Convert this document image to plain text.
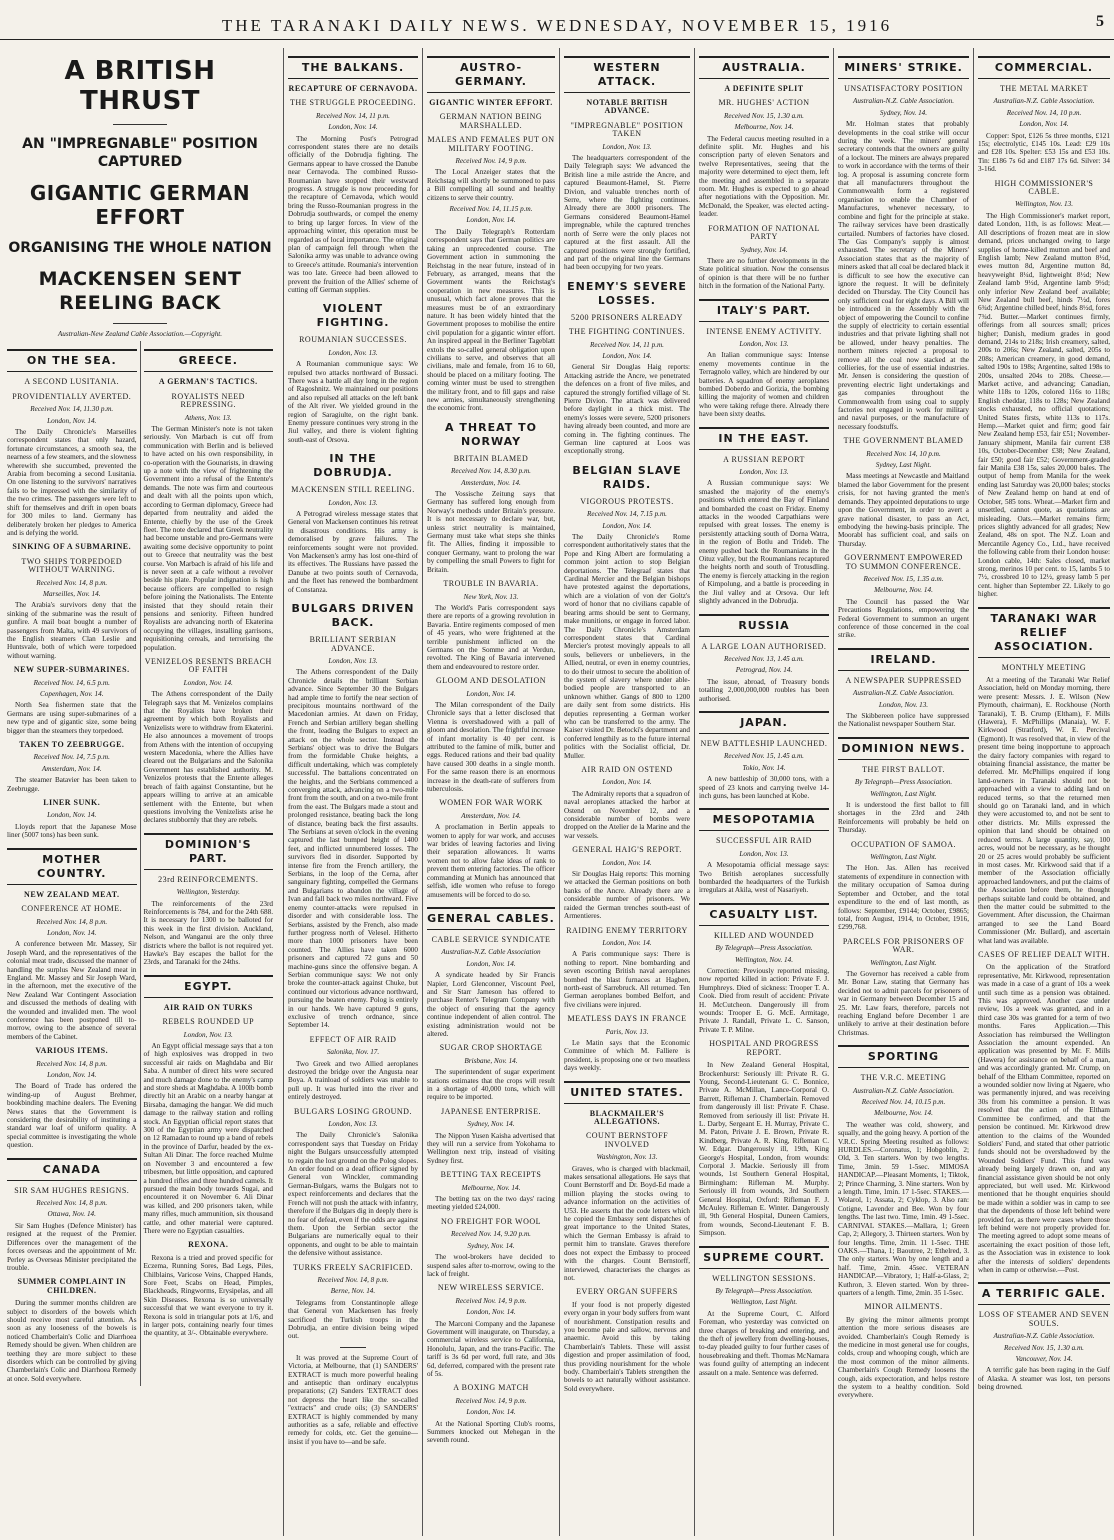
THE TARANAKI DAILY NEWS. WEDNESDAY, NOVEMBER 15, 1916	5
A BRITISH THRUST
AN "IMPREGNABLE" POSITION CAPTURED
GIGANTIC GERMAN EFFORT
ORGANISING THE WHOLE NATION
MACKENSEN SENT REELING BACK
Australian-New Zealand Cable Association.—Copyright.
ON THE SEA.
A SECOND LUSITANIA.
PROVIDENTIALLY AVERTED.
Received Nov. 14, 11.30 p.m.
London, Nov. 14.

The Daily Chronicle's Marseilles correspondent states that only hazard, fortunate circumstances, a smooth sea, the nearness of a few steamers, and the slowness wherewith she succumbed, prevented the Arabia from becoming a second Lusitania. On one listening to the survivors' narratives fails to be impressed with the similarity of the two crimes. The passengers were left to shift for themselves and drift in open boats for 300 miles to land. Germany has deliberately broken her pledges to America and is defying the world.

SINKING OF A SUBMARINE.
TWO SHIPS TORPEDOED WITHOUT WARNING.
Received Nov. 14, 8 p.m.
Marseilles, Nov. 14.

The Arabia's survivors deny that the sinking of the submarine was the result of gunfire. A mail boat bought a number of passengers from Malta, with 49 survivors of the English steamers Clan Leslie and Huntsvale, both of which were torpedoed without warning.

NEW SUPER-SUBMARINES.
Received Nov. 14, 6.5 p.m.
Copenhagen, Nov. 14.

North Sea fishermen state that the Germans are using super-submarines of a new type and of gigantic size, some being bigger than the steamers they torpedoed.

TAKEN TO ZEEBRUGGE.
Received Nov. 14, 7.5 p.m.
Amsterdam, Nov. 14.

The steamer Batavier has been taken to Zeebrugge.

LINER SUNK.
London, Nov. 14.

Lloyds report that the Japanese Mose liner (5007 tons) has been sunk.

MOTHER COUNTRY.
NEW ZEALAND MEAT.
CONFERENCE AT HOME.
Received Nov. 14, 8 p.m.
London, Nov. 14.

A conference between Mr. Massey, Sir Joseph Ward, and the representatives of the colonial meat trade, discussed the manner of handling the surplus New Zealand meat in England. Mr. Massey and Sir Joseph Ward, in the afternoon, met the executive of the New Zealand War Contingent Association and discussed the methods of dealing with the wounded and invalided men. The wool conference has been postponed till to-morrow, owing to the absence of several members of the Cabinet.

VARIOUS ITEMS.
Received Nov. 14, 8 p.m.
London, Nov. 14.

The Board of Trade has ordered the winding-up of August Brehmer, bookbinding machine dealers. The Evening News states that the Government is considering the desirability of instituting a standard war loaf of uniform quality. A special committee is investigating the whole question.

CANADA
SIR SAM HUGHES RESIGNS.
Received Nov. 14, 8 p.m.
Ottawa, Nov. 14.

Sir Sam Hughes (Defence Minister) has resigned at the request of the Premier. Differences over the management of the forces overseas and the appointment of Mr. Perley as Overseas Minister precipitated the trouble.

SUMMER COMPLAINT IN CHILDREN.

During the summer months children are subject to disorders of the bowels which should receive most careful attention. As soon as any looseness of the bowels is noticed Chamberlain's Colic and Diarrhoea Remedy should be given. When children are teething they are more subject to these disorders which can be controlled by giving Chamberlain's Colic and Diarrhoea Remedy at once. Sold everywhere.

GREECE.
A GERMAN'S TACTICS.
ROYALISTS NEED REPRESSING.
Athens, Nov. 13.

The German Minister's note is not taken seriously. Von Marbach is cut off from communication with Berlin and is believed to have acted on his own responsibility, in co-operation with the Gounarists, in drawing up a note with the view of frightening the Government into a refusal of the Entente's demands. The note was firm and courteous and dealt with all the points upon which, according to German diplomacy, Greece had departed from neutrality and aided the Entente, chiefly by the use of the Greek fleet. The note declared that Greek neutrality had become unstable and pro-Germans were awaiting some decisive opportunity to point out to Greece that neutrality was the best course. Von Marbach is afraid of his life and is never seen at a cafe without a revolver beside his plate. Popular indignation is high because officers are compelled to resign before joining the Nationalists. The Entente insisted that they should retain their pensions and seniority. Fifteen hundred Royalists are advancing north of Ekaterina occupying the villages, installing garrisons, requisitioning cereals, and terrorising the population.

VENIZELOS RESENTS BREACH OF FAITH
London, Nov. 14.

The Athens correspondent of the Daily Telegraph says that M. Venizelos complains that the Royalists have broken their agreement by which both Royalists and Venizelists were to withdraw from Ekaterini. He also announces a movement of troops from Athens with the intention of occupying western Macedonia, where the Allies have cleared out the Bulgarians and the Salonika Government has established authority. M. Venizelos protests that the Entente alleges breach of faith against Constantine, but he appears willing to arrive at an amicable settlement with the Entente, but when questions involving the Venizelists arise he declares stubbornly that they are rebels.

DOMINION'S PART.
23rd REINFORCEMENTS.
Wellington, Yesterday.

The reinforcements of the 23rd Reinforcements is 784, and for the 24th 688. It is necessary for 1300 to be balloted for this week in the first division. Auckland, Nelson, and Wanganui are the only three districts where the ballot is not required yet. Hawke's Bay escapes the ballot for the 23rds, and Taranaki for the 24ths.

EGYPT.
AIR RAID ON TURKS
REBELS ROUNDED UP
London, Nov. 13.

An Egypt official message says that a ton of high explosives was dropped in two successful air raids on Maghdaba and Bir Saba. A number of direct hits were secured and much damage done to the enemy's camp and store sheds at Maghdaba. A 100lb bomb directly hit an Arabic on a nearby hangar at Birsaba, damaging the hangar. We did much damage to the railway station and rolling stock. An Egyptian official report states that 300 of the Egyptian army were dispatched on 12 Ramadan to round up a band of rebels in the province of Darfur, headed by the ex-Sultan Ali Dinar. The force reached Mulme on November 3 and encountered a few tribesmen, but little opposition, and captured a hundred rifles and three hundred camels. It pursued the main body towards Sugai, and encountered it on November 6. Ali Dinar was killed, and 200 prisoners taken, while many rifles, much ammunition, six thousand cattle, and other material were captured. There were no Egyptian casualties.

REXONA.

Rexona is a tried and proved specific for Eczema, Running Sores, Bad Legs, Piles, Chilblains, Varicose Veins, Chapped Hands, Sore Feet, Scabs on Head, Pimples, Blackheads, Ringworms, Erysipelas, and all Skin Diseases. Rexona is so universally successful that we want everyone to try it. Rexona is sold in triangular pots at 1/6, and in larger pots, containing nearly four times the quantity, at 3/-. Obtainable everywhere.

THE BALKANS.
RECAPTURE OF CERNAVODA.
THE STRUGGLE PROCEEDING.
Received Nov. 14, 11 p.m.
London, Nov. 14.

The Morning Post's Petrograd correspondent states there are no details officially of the Dobrudja fighting. The Germans appear to have crossed the Danube near Cernavoda. The combined Russo-Roumanian have stopped their westward progress. A struggle is now proceeding for the recapture of Cernavoda, which would bring the Russo-Roumanian progress in the Dobrudja southwards, or compel the enemy to bring up larger forces. In view of the approaching winter, this operation must be regarded as of local importance. The original plan of campaign fell through when the Salonika army was unable to advance owing to Greece's attitude. Roumania's intervention was too late. Greece had been allowed to prevent the fruition of the Allies' scheme of cutting off German supplies.

VIOLENT FIGHTING.
ROUMANIAN SUCCESSES.
London, Nov. 13.

A Roumanian communique says: We repulsed two attacks northward of Bussaci. There was a battle all day long in the region of Ragoshnitz. We maintained our positions and also repulsed all attacks on the left bank of the Alt river. We yielded ground in the region of Saragiulte, on the right bank. Enemy pressure continues very strong in the Jiul valley, and there is violent fighting south-east of Orsova.

IN THE DOBRUDJA.
MACKENSEN STILL REELING.
London, Nov. 13.

A Petrograd wireless message states that General von Mackensen continues his retreat in disastrous conditions. His army is demoralised by grave failures. The reinforcements sought were not provided. Von Mackensen's army has lost one-third of its effectives. The Russians have passed the Danube at two points south of Cernavoda, and the fleet has renewed the bombardment of Constanza.

BULGARS DRIVEN BACK.
BRILLIANT SERBIAN ADVANCE.
London, Nov. 13.

The Athens correspondent of the Daily Chronicle details the brilliant Serbian advance. Since September 30 the Bulgars had ample time to fortify the near section of precipitous mountains northward of the Macedonian armies. At dawn on Friday, French and Serbian artillery began shelling the front, leading the Bulgars to expect an attack on the whole sector. Instead the Serbians' object was to drive the Bulgars from the formidable Chuke heights, a difficult undertaking, which was completely successful. The battalions concentrated on the heights, and the Serbians commenced a converging attack, advancing on a two-mile front from the south, and on a two-mile front from the east. The Bulgars made a stout and prolonged resistance, beating back the long of distance, beating back the first assaults. The Serbians at seven o'clock in the evening captured the last bumped height of 1400 feet, and inflicted unnumbered losses. The survivors fled in disorder. Supported by intense fire from the French artillery, the Serbians, in the loop of the Cerna, after sanguinary fighting, compelled the Germans and Bulgarians to abandon the village of Ivan and fall back two miles northward. Five enemy counter-attacks were repulsed in disorder and with considerable loss. The Serbians, assisted by the French, also made further progress north of Velesel. Hitherto more than 1000 prisoners have been counted. The Allies have taken 6000 prisoners and captured 72 guns and 50 machine-guns since the offensive began. A Serbian communique says: We not only broke the counter-attack against Chuke, but continued our victorious advance northward, pursuing the beaten enemy. Polog is entirely in our hands. We have captured 9 guns, exclusive of trench ordnance, since September 14.

EFFECT OF AIR RAID
Salonika, Nov. 17.

Two Greek and two Allied aeroplanes destroyed the bridge over the Angusta near Boya. A trainload of soldiers was unable to pull up. It was hurled into the river and entirely destroyed.

BULGARS LOSING GROUND.
London, Nov. 13.

The Daily Chronicle's Salonika correspondent says that Tuesday on Friday night the Bulgars unsuccessfully attempted to regain the lost ground on the Polog slopes. An order found on a dead officer signed by General von Winckler, commanding German-Bulgars, warns the Bulgars not to expect reinforcements and declares that the French will not push the attack with infantry, therefore if the Bulgars dig in deeply there is no fear of defeat, even if the odds are against them. Upon the Serbian sector the Bulgarians are numerically equal to their opponents, and ought to be able to maintain the defensive without assistance.

TURKS FREELY SACRIFICED.
Received Nov. 14, 8 p.m.
Berne, Nov. 14.

Telegrams from Constantinople allege that General von Mackensen has freely sacrificed the Turkish troops in the Dobrudja, an entire division being wiped out.

It was proved at the Supreme Court of Victoria, at Melbourne, that (1) SANDERS' EXTRACT is much more powerful healing and antiseptic than ordinary eucalyptus preparations; (2) Sanders 'EXTRACT does not depress the heart like the so-called "extracts" and crude oils; (3) SANDERS' EXTRACT is highly commended by many authorities as a safe, reliable and effective remedy for colds, etc. Get the genuine—insist if you have to—and be safe.

AUSTRO-GERMANY.
GIGANTIC WINTER EFFORT.
GERMAN NATION BEING MARSHALLED.
MALES AND FEMALES PUT ON MILITARY FOOTING.
Received Nov. 14, 9 p.m.

The Local Anzeiger states that the Reichstag will shortly be summoned to pass a Bill compelling all sound and healthy citizens to serve their country.

Received Nov. 14, 11.15 p.m.
London, Nov. 14.

The Daily Telegraph's Rotterdam correspondent says that German politics are taking an unprecedented course. The Government action in summoning the Reichstag in the near future, instead of in February, as arranged, means that the Government wants the Reichstag's cooperation in new measures. This is unusual, which fact alone proves that the measures must be of an extraordinary nature. It has been widely hinted that the Government proposes to mobilise the entire civil population for a gigantic winter effort. An inspired appeal in the Berliner Tageblatt extols the so-called general obligation upon civilians to serve, and observes that all civilians, male and female, from 16 to 60, should be placed on a military footing. The coming winter must be used to strengthen the military front, and to fill gaps and raise new armies, simultaneously strengthening the economic front.

A THREAT TO NORWAY
BRITAIN BLAMED
Received Nov. 14, 8.30 p.m.
Amsterdam, Nov. 14.

The Vossische Zeitung says that Germany has suffered long enough from Norway's methods under Britain's pressure. It is not necessary to declare war, but, unless strict neutrality is maintained, Germany must take what steps she thinks fit. The Allies, finding it impossible to conquer Germany, want to prolong the war by compelling the small Powers to fight for Britain.

TROUBLE IN BAVARIA.
New York, Nov. 13.

The World's Paris correspondent says there are reports of a growing revolution in Bavaria. Entire regiments composed of men of 45 years, who were frightened at the terrible punishment inflicted on the Germans on the Somme and at Verdun, revolted. The King of Bavaria intervened them and endeavoured to restore order.

GLOOM AND DESOLATION
London, Nov. 14.

The Milan correspondent of the Daily Chronicle says that a letter disclosed that Vienna is overshadowed with a pall of gloom and desolation. The frightful increase of infant mortality is 40 per cent. is attributed to the famine of milk, butter and eggs. Reduced rations and their bad quality have caused 300 deaths in a single month. For the same reason there is an enormous increase in the death-rate of sufferers from tuberculosis.

WOMEN FOR WAR WORK
Amsterdam, Nov. 14.

A proclamation in Berlin appeals to women to apply for war work, and accuses war brides of leaving factories and living their separation allowances. It warns women not to allow false ideas of rank to prevent them entering factories. The officer commanding at Munich has announced that selfish, idle women who refuse to forego amusements will be forced to do so.

GENERAL CABLES.
CABLE SERVICE SYNDICATE
Australian-N.Z. Cable Association
London, Nov. 14.

A syndicate headed by Sir Francis Napier, Lord Glenconner, Viscount Peel, and Sir Starr Jameson has offered to purchase Renter's Telegram Company with the object of ensuring that the agency continue independent of alien control. The existing administration would not be altered.

SUGAR CROP SHORTAGE
Brisbane, Nov. 14.

The superintendent of sugar experiment stations estimates that the crops will result in a shortage of 40,000 tons, which will require to be imported.

JAPANESE ENTERPRISE.
Sydney, Nov. 14.

The Nippon Yusen Kaisha advertised that they will run a service from Yokohama to Wellington next trip, instead of visiting Sydney first.

BETTING TAX RECEIPTS
Melbourne, Nov. 14.

The betting tax on the two days' racing meeting yielded £24,000.

NO FREIGHT FOR WOOL
Received Nov. 14, 9.20 p.m.
Sydney, Nov. 14.

The wool-brokers have decided to suspend sales after to-morrow, owing to the lack of freight.

NEW WIRELESS SERVICE.
Received Nov. 14, 9 p.m.
London, Nov. 14.

The Marconi Company and the Japanese Government will inaugurate, on Thursday, a commercial wireless service to California, Honolulu, Japan, and the trans-Pacific. The tariff is 3s 6d per word, full rate, and 30s 6d, deferred, compared with the present rate of 5s.

A BOXING MATCH
Received Nov. 14, 9 p.m.
London, Nov. 14.

At the National Sporting Club's rooms, Summers knocked out Mehegan in the seventh round.

WESTERN ATTACK.
NOTABLE BRITISH ADVANCE.
"IMPREGNABLE" POSITION TAKEN
London, Nov. 13.

The headquarters correspondent of the Daily Telegraph says: We advanced the British line a mile astride the Ancre, and captured Beaumont-Hamel, St. Pierre Divion, and valuable trenches north of Serre, where the fighting continues. Already there are 3000 prisoners. The Germans considered Beaumont-Hamel impregnable, while the captured trenches north of Serre were the only places not captured at the first assault. All the captured positions were strongly fortified, and part of the original line the Germans had been occupying for two years.

ENEMY'S SEVERE LOSSES.
5200 PRISONERS ALREADY
THE FIGHTING CONTINUES.
Received Nov. 14, 11 p.m.
London, Nov. 14.

General Sir Douglas Haig reports: Attacking astride the Ancre, we penetrated the defences on a front of five miles, and captured the strongly fortified village of St. Pierre Divion. The attack was delivered before daylight in a thick mist. The enemy's losses were severe, 5200 prisoners having already been counted, and more are coming in. The fighting continues. The German line captured at Loos was exceptionally strong.

BELGIAN SLAVE RAIDS.
VIGOROUS PROTESTS.
Received Nov. 14, 7.15 p.m.
London, Nov. 14.

The Daily Chronicle's Rome correspondent authoritatively states that the Pope and King Albert are formulating a common joint action to stop Belgian deportations. The Telegraaf states that Cardinal Mercier and the Belgian bishops have protested against the deportations, which are a violation of von der Goltz's word of honor that no civilians capable of bearing arms should be sent to Germany, make munitions, or engage in forced labor. The Daily Chronicle's Amsterdam correspondent states that Cardinal Mercier's protest movingly appeals to all souls, believers or unbelievers, in the Allied, neutral, or even in enemy countries, to do their utmost to secure the abolition of the system of slavery where under able-bodied people are transported to an unknown whither. Gangs of 800 to 1200 are daily sent from some districts. His deputies representing a German worker who can be transferred to the army. The Kaiser visited Dr. Betocki's department and conferred lengthily as to the future internal politics with the Socialist official, Dr. Muller.

AIR RAID ON OSTEND
London, Nov. 14.

The Admiralty reports that a squadron of naval aeroplanes attacked the harbor at Ostend on November 12, and a considerable number of bombs were dropped on the Atelier de la Marine and the war vessels.

GENERAL HAIG'S REPORT.
London, Nov. 14.

Sir Douglas Haig reports: This morning we attacked the German positions on both banks of the Ancre. Already there are a considerable number of prisoners. We raided the German trenches south-east of Armentieres.

RAIDING ENEMY TERRITORY
London, Nov. 14.

A Paris communique says: There is nothing to report. Nine bombarding and seven escorting British naval aeroplanes bombed the blast furnaces at Hagben, north-east of Sarrebruck. All returned. Ten German aeroplanes bombed Belfort, and five civilians were injured.

MEATLESS DAYS IN FRANCE
Paris, Nov. 13.

Le Matin says that the Economic Committee of which M. Falliere is president, is proposing one or two meatless days weekly.

UNITED STATES.
BLACKMAILER'S ALLEGATIONS.
COUNT BERNSTOFF INVOLVED
Washington, Nov. 13.

Graves, who is charged with blackmail, makes sensational allegations. He says that Count Bernstorff and Dr. Boyd-Ed made a million playing the stocks owing to advance information on the activities of U53. He asserts that the code letters which he copied the Embassy sent dispatches of great importance to the United States, which the German Embassy is afraid to permit him to translate. Graves therefore does not expect the Embassy to proceed with the charges. Count Bernstorff, interviewed, characterises the charges as not.

EVERY ORGAN SUFFERS

If your food is not properly digested every organ in your body suffers from want of nourishment. Constipation results and you become pale and sallow, nervous and anaemic. Avoid this by taking Chamberlain's Tablets. These will assist digestion and proper assimilation of food, thus providing nourishment for the whole body. Chamberlain's Tablets strengthen the bowels to act naturally without assistance. Sold everywhere.

AUSTRALIA.
A DEFINITE SPLIT
MR. HUGHES' ACTION
Received Nov. 15, 1.30 a.m.
Melbourne, Nov. 14.

The Federal caucus meeting resulted in a definite split. Mr. Hughes and his conscription party of eleven Senators and twelve Representatives, seeing that the majority were determined to eject them, left the meeting and assembled in a separate room. Mr. Hughes is expected to go ahead after negotiations with the Opposition. Mr. McDonald, the Speaker, was elected acting-leader.

FORMATION OF NATIONAL PARTY
Sydney, Nov. 14.

There are no further developments in the State political situation. Now the consensus of opinion is that there will be no further hitch in the formation of the National Party.

ITALY'S PART.
INTENSE ENEMY ACTIVITY.
London, Nov. 13.

An Italian communique says: Intense enemy movements continue in the Terragnolo valley, which are hindered by our batteries. A squadron of enemy aeroplanes bombed Doberdo and Gorizia, the bombing killing the majority of women and children who were taking refuge there. Already there have been sixty deaths.

IN THE EAST.
A RUSSIAN REPORT
London, Nov. 13.

A Russian communique says: We smashed the majority of the enemy's positions which entered the Bay of Finland and bombarded the coast on Friday. Enemy attacks in the wooded Carpathians were repulsed with great losses. The enemy is persistently attacking south of Dorna Watra, in the region of Botlu and Trideb. The enemy pushed back the Roumanians in the Oituz valley, but the Roumanians recaptured the heights north and south of Trotusdling. The enemy is fiercely attacking in the region of Kimpolung, and a battle is proceeding in the Jiul valley and at Orsova. Our left slightly advanced in the Dobrudja.

RUSSIA
A LARGE LOAN AUTHORISED.
Received Nov. 13, 1.45 a.m.
Petrograd, Nov. 14.

The issue, abroad, of Treasury bonds totalling 2,000,000,000 roubles has been authorised.

JAPAN.
NEW BATTLESHIP LAUNCHED.
Received Nov. 15, 1.45 a.m.
Tokio, Nov. 14.

A new battleship of 30,000 tons, with a speed of 23 knots and carrying twelve 14-inch guns, has been launched at Kobe.

MESOPOTAMIA
SUCCESSFUL AIR RAID
London, Nov. 13.

A Mesopotamia official message says: Two British aeroplanes successfully bombarded the headquarters of the Turkish irregulars at Akila, west of Nasariyeh.

CASUALTY LIST.
KILLED AND WOUNDED
By Telegraph—Press Association.
Wellington, Nov. 14.

Correction: Previously reported missing, now reported killed in action: Private F. J. Humphreys. Died of sickness: Trooper T. A. Cook. Died from result of accident: Private H. McCutcheon. Dangerously ill from wounds: Trooper E. G. McE. Armitage, Private J. Randall, Private L. C. Sanson, Private T. P. Milne.

HOSPITAL AND PROGRESS REPORT.

In New Zealand General Hospital, Brockenhurst: Seriously ill: Private R. G. Young, Second-Lieutenant G. C. Bonnice, Private A. McMillan, Lance-Corporal O. Barrett, Rifleman J. Chamberlain. Removed from dangerously ill list: Private F. Chase. Removed from seriously ill list: Private H. L. Darby, Sergeant E. H. Murray, Private C. M. Paton, Private J. E. Brown, Private R. Kindberg, Private A. R. King, Rifleman C. W. Edgar. Dangerously ill, 19th, King George's Hospital, London, from wounds: Corporal J. Mackie. Seriously ill from wounds, 1st Southern General Hospital, Birmingham: Rifleman M. Murphy. Seriously ill from wounds, 3rd Southern General Hospital, Oxford: Rifleman F. J. McAuley. Rifleman E. Winter. Dangerously ill, 9th General Hospital, Duneen Camiers, from wounds, Second-Lieutenant F. B. Simpson.

SUPREME COURT.
WELLINGTON SESSIONS.
By Telegraph—Press Association.
Wellington, Last Night.

At the Supreme Court, C. Alford Foreman, who yesterday was convicted on three charges of breaking and entering, and the theft of jewellery from dwelling-houses, to-day pleaded guilty to four further cases of housebreaking and theft. Thomas McNamara was found guilty of attempting an indecent assault on a male. Sentence was deferred.

MINERS' STRIKE.
UNSATISFACTORY POSITION
Australian-N.Z. Cable Association.
Sydney, Nov. 14.

Mr. Holman states that probably developments in the coal strike will occur during the week. The miners' general secretary contends that the owners are guilty of a lockout. The miners are always prepared to work in accordance with the terms of their log. A proposal is assuming concrete form that all manufacturers throughout the Commonwealth form a registered organisation to enable the Chamber of Manufactures, whenever necessary, to combine and fight for the principle at stake. The railway services have been drastically curtailed. Numbers of factories have closed. The Gas Company's supply is almost exhausted. The secretary of the Miners' Association states that as the majority of miners asked that all coal be declared black it is difficult to see how the executive can ignore the request. It will be definitely decided on Thursday. The City Council has only sufficient coal for eight days. A Bill will be introduced in the Assembly with the object of empowering the Council to confine the supply of electricity to certain essential industries and that private lighting shall not be allowed, under heavy penalties. The northern miners rejected a proposal to remove all the coal now stacked at the collieries, for the use of essential industries. Mr. Jensen is considering the question of preventing electric light undertakings and gas companies throughout the Commonwealth from using coal to supply factories not engaged in work for military and naval purposes, or the manufacture of necessary foodstuffs.

THE GOVERNMENT BLAMED
Received Nov. 14, 10 p.m.
Sydney, Last Night.

Mass meetings at Newcastle and Maitland blamed the labor Government for the present crisis, for not having granted the men's demands. They appointed deputations to urge upon the Government, in order to avert a grave national disaster, to pass an Act, embodying the hewing-basis principle. The Moorabl has sufficient coal, and sails on Thursday.

GOVERNMENT EMPOWERED TO SUMMON CONFERENCE.
Received Nov. 15, 1.35 a.m.
Melbourne, Nov. 14.

The Council has passed the War Precautions Regulations, empowering the Federal Government to summon an urgent conference of those concerned in the coal strike.

IRELAND.
A NEWSPAPER SUPPRESSED
Australian-N.Z. Cable Association.
London, Nov. 13.

The Skibbereen police have suppressed the Nationalist newspaper Southern Star.

DOMINION NEWS.
THE FIRST BALLOT.
By Telegraph—Press Association.
Wellington, Last Night.

It is understood the first ballot to fill shortages in the 23rd and 24th Reinforcements will probably be held on Thursday.

OCCUPATION OF SAMOA.
Wellington, Last Night.

The Hon. Jas. Allen has received statements of expenditure in connection with the military occupation of Samoa during September and October, and the total expenditure to the end of last month, as follows: September, £9144; October, £9865; total, from August, 1914, to October, 1916, £299,768.

PARCELS FOR PRISONERS OF WAR.
Wellington, Last Night.

The Governor has received a cable from Mr. Bonar Law, stating that Germany has decided not to admit parcels for prisoners of war in Germany between December 15 and 25. Mr. Law fears, therefore, parcels not reaching England before December 1 are unlikely to arrive at their destination before Christmas.

SPORTING
THE V.R.C. MEETING
Australian-N.Z. Cable Association.
Received Nov. 14, 10.15 p.m.
Melbourne, Nov. 14.

The weather was cold, showery, and squally, and the going heavy. A portion of the V.R.C. Spring Meeting resulted as follows: HURDLES.—Coronatus, 1; Hobgoblin, 2; Old, 3. Ten starters. Won by two lengths. Time, 3min. 59 1-5sec. MIMOSA HANDICAP.—Pleasant Moments, 1; Tiktok, 2; Prince Charming, 3. Nine starters. Won by a length. Time, 1min. 17 1-5sec. STAKES.—Wolarol, 1; Assata, 2; Cyklop, 3. Also ran: Cotigne, Lavender and Bee. Won by four lengths. The last two. Time, 1min. 49 1-5sec. CARNIVAL STAKES.—Mallara, 1; Green Cap, 2; Allegory, 3. Thirteen starters. Won by four lengths. Time, 2min. 11 1-5sec. THE OAKS.—Thana, 1; Baoutree, 2; Ethelred, 3. The only starters. Won by one length and a half. Time, 2min. 45sec. VETERAN HANDICAP.—Vibratory, 1; Half-a-Glass, 2; Kuthron, 3. Eleven started. Won by three-quarters of a length. Time, 2min. 35 1-5sec.

MINOR AILMENTS.

By giving the minor ailments prompt attention the more serious diseases are avoided. Chamberlain's Cough Remedy is the medicine in most general use for coughs, colds, croup and whooping cough, which are the most common of the minor ailments. Chamberlain's Cough Remedy loosens the cough, aids expectoration, and helps restore the system to a healthy condition. Sold everywhere.

COMMERCIAL.
THE METAL MARKET
Australian-N.Z. Cable Association.
Received Nov. 14, 10 p.m.
London, Nov. 14.

Copper: Spot, £126 5s three months, £121 15s; electrolytic, £145 10s. Lead: £29 10s and £28 10s. Spelter: £53 15s and £53 10s. Tin: £186 7s 6d and £187 17s 6d. Silver: 34 3-16d.

HIGH COMMISSIONER'S CABLE.
Wellington, Nov. 13.

The High Commissioner's market report, dated London, 11th, is as follows: Meat.—All descriptions of frozen meat are in slow demand, prices unchanged owing to large supplies of home-killed mutton and beef and English lamb; New Zealand mutton 8½d, ewes mutton 8d, Argentine mutton 8d, heavyweight 8¼d, lightweight 8½d; New Zealand lamb 9½d, Argentine lamb 9½d; only inferior New Zealand beef available; New Zealand bull beef, hinds 7½d, fores 6¾d; Argentine chilled beef, hinds 8½d, fores 7¾d. Butter.—Market continues firmly, offerings from all sources small; prices higher; Danish, medium grades in good demand, 214s to 218s; Irish creamery, salted, 200s to 206s; New Zealand, salted, 205s to 208s; American creamery, in good demand, salted 190s to 198s; Argentine, salted 198s to 200s, unsalted 204s to 208s. Cheese.—Market active, and advancing; Canadian, white 118s to 120s, colored 116s to 118s; English cheddar, 118s to 128s; New Zealand stocks exhausted, no official quotations; United States firsts, white 113s to 117s. Hemp.—Market quiet and firm; good fair New Zealand hemp £53, fair £51; November-January shipment, Manila fair current £38 10s, October-December £38; New Zealand, fair £50; good fair £52; Government-graded fair Manila £38 15s, sales 20,000 bales. The output of hemp from Manila for the week ending last Saturday was 20,000 bales; stocks of New Zealand hemp on hand at end of October, 585 tons. Wheat.—Market firm and unsettled, cannot quote, as quotations are misleading. Oats.—Market remains firm; prices slightly advanced for all grades; New Zealand, 48s on spot. The N.Z. Loan and Mercantile Agency Co., Ltd., have received the following cable from their London house: London cable, 14th: Sales closed, market strong, merinos 10 per cent. to 15, lambs 5 to 7½, crossbred 10 to 12½, greasy lamb 5 per cent. higher than September 22. Likely to go higher.

TARANAKI WAR RELIEF ASSOCIATION.
MONTHLY MEETING

At a meeting of the Taranaki War Relief Association, held on Monday morning, there were present: Messrs. J. E. Wilson (New Plymouth, chairman), E. Rockhouse (North Taranaki), T. B. Crump (Eltham), F. Mills (Hawera), F. McPhillips (Manaia), W. F. Kirkwood (Stratford), W. E. Percival (Egmont). It was resolved that, in view of the present time being inopportune to approach the dairy factory companies with regard to obtaining financial assistance, the matter be deferred. Mr. McPhillips enquired if long land-owners in Taranaki should not be approached with a view to adding land on reduced terms, so that the returned men should go on Taranaki land, and in which they were accustomed to, and not be sent to other districts. Mr. Mills expressed the opinion that land should be obtained on reduced terms. A large quantity, say, 100 acres, would not be necessary, as he thought 20 or 25 acres would probably be sufficient in most cases. Mr. Kirkwood said that if a member of the Association officially approached landowners, and put the claims of the Association before them, he thought perhaps suitable land could be obtained, and then the matter could be submitted to the Government. After discussion, the Chairman arranged to see the Land Board Commissioner (Mr. Bullard), and ascertain what land was available.

CASES OF RELIEF DEALT WITH.

On the application of the Stratford representative, Mr. Kirkwood, representation was made in a case of a grant of 10s a week until such time as a pension was obtained. This was approved. Another case under review, 10s a week was granted, and in a third case 30s was granted for a term of two months. Fares Application.—This Association has reimbursed the Wellington Association the amount expended. An application was presented by Mr. F. Mills (Hawera) for assistance on behalf of a man, and was accordingly granted. Mr. Crump, on behalf of the Eltham Committee, reported on a wounded soldier now living at Ngaere, who was permanently injured, and was receiving 30s from his committee a pension. It was resolved that the action of the Eltham Committee be confirmed, and that the pension be continued. Mr. Kirkwood drew attention to the claims of the Wounded Soldiers' Fund, and stated that other patriotic funds should not be overshadowed by the Wounded Soldiers' Fund. This fund was already being largely drawn on, and any financial assistance given should be not only appreciated, but well used. Mr. Kirkwood mentioned that he thought enquiries should be made within a soldier was in camp to see that the dependents of those left behind were provided for, as there were cases where those left behind were not properly provided for. The meeting agreed to adopt some means of ascertaining the exact position of those left, as the Association was in existence to look after the interests of soldiers' dependents when in camp or otherwise.—Post.

A TERRIFIC GALE.
LOSS OF STEAMER AND SEVEN SOULS.
Australian-N.Z. Cable Association.
Received Nov. 15, 1.30 a.m.
Vancouver, Nov. 14.

A terrific gale has been raging in the Gulf of Alaska. A steamer was lost, ten persons being drowned.
